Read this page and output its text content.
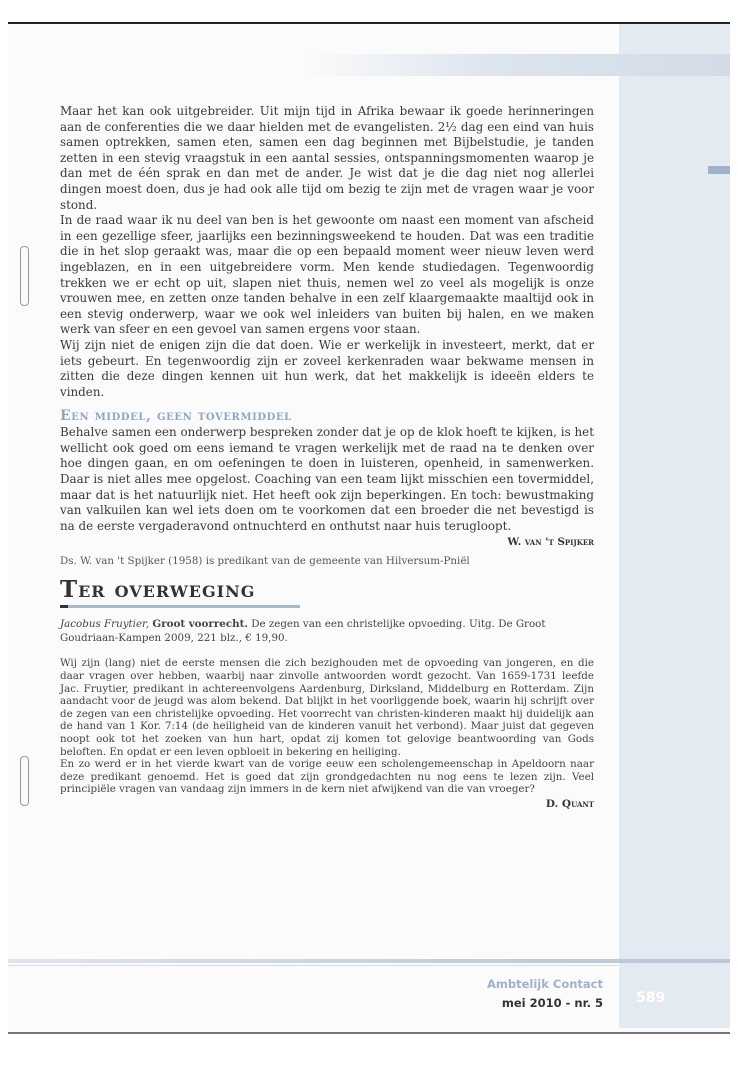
Maar het kan ook uitgebreider. Uit mijn tijd in Afrika bewaar ik goede herinneringen aan de conferenties die we daar hielden met de evangelisten. 2½ dag een eind van huis samen optrekken, samen eten, samen een dag beginnen met Bijbelstudie, je tanden zetten in een stevig vraagstuk in een aantal sessies, ontspanningsmomenten waarop je dan met de één sprak en dan met de ander. Je wist dat je die dag niet nog allerlei dingen moest doen, dus je had ook alle tijd om bezig te zijn met de vragen waar je voor stond.

In de raad waar ik nu deel van ben is het gewoonte om naast een moment van afscheid in een gezellige sfeer, jaarlijks een bezinningsweekend te houden. Dat was een traditie die in het slop geraakt was, maar die op een bepaald moment weer nieuw leven werd ingeblazen, en in een uitgebreidere vorm. Men kende studiedagen. Tegenwoordig trekken we er echt op uit, slapen niet thuis, nemen wel zo veel als mogelijk is onze vrouwen mee, en zetten onze tanden behalve in een zelf klaargemaakte maaltijd ook in een stevig onderwerp, waar we ook wel inleiders van buiten bij halen, en we maken werk van sfeer en een gevoel van samen ergens voor staan.

Wij zijn niet de enigen zijn die dat doen. Wie er werkelijk in investeert, merkt, dat er iets gebeurt. En tegenwoordig zijn er zoveel kerkenraden waar bekwame mensen in zitten die deze dingen kennen uit hun werk, dat het makkelijk is ideeën elders te vinden.

Een middel, geen tovermiddel

Behalve samen een onderwerp bespreken zonder dat je op de klok hoeft te kijken, is het wellicht ook goed om eens iemand te vragen werkelijk met de raad na te denken over hoe dingen gaan, en om oefeningen te doen in luisteren, openheid, in samenwerken. Daar is niet alles mee opgelost. Coaching van een team lijkt misschien een tovermiddel, maar dat is het natuurlijk niet. Het heeft ook zijn beperkingen. En toch: bewustmaking van valkuilen kan wel iets doen om te voorkomen dat een broeder die net bevestigd is na de eerste vergaderavond ontnuchterd en onthutst naar huis terugloopt.

W. van 't Spijker
Ds. W. van 't Spijker (1958) is predikant van de gemeente van Hilversum-Pniël
Ter overweging
Jacobus Fruytier, Groot voorrecht. De zegen van een christelijke opvoeding. Uitg. De Groot Goudriaan-Kampen 2009, 221 blz., € 19,90.

Wij zijn (lang) niet de eerste mensen die zich bezighouden met de opvoeding van jongeren, en die daar vragen over hebben, waarbij naar zinvolle antwoorden wordt gezocht. Van 1659-1731 leefde Jac. Fruytier, predikant in achtereenvolgens Aardenburg, Dirksland, Middelburg en Rotterdam. Zijn aandacht voor de jeugd was alom bekend. Dat blijkt in het voorliggende boek, waarin hij schrijft over de zegen van een christelijke opvoeding. Het voorrecht van christen-kinderen maakt hij duidelijk aan de hand van 1 Kor. 7:14 (de heiligheid van de kinderen vanuit het verbond). Maar juist dat gegeven noopt ook tot het zoeken van hun hart, opdat zij komen tot gelovige beantwoording van Gods beloften. En opdat er een leven opbloeit in bekering en heiliging.

En zo werd er in het vierde kwart van de vorige eeuw een scholengemeenschap in Apeldoorn naar deze predikant genoemd. Het is goed dat zijn grondgedachten nu nog eens te lezen zijn. Veel principiële vragen van vandaag zijn immers in de kern niet afwijkend van die van vroeger?

D. Quant
Ambtelijk Contact
mei 2010 - nr. 5 589
